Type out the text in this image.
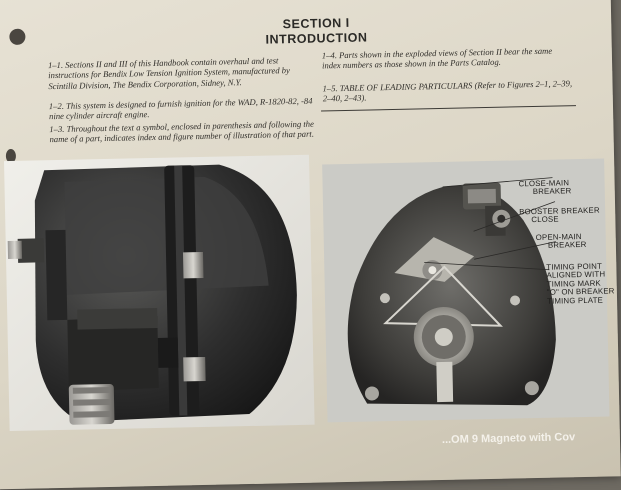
SECTION I
INTRODUCTION
1–1. Sections II and III of this Handbook contain overhaul and test instructions for Bendix Low Tension Ignition System, manufactured by Scintilla Division, The Bendix Corporation, Sidney, N.Y.
1–2. This system is designed to furnish ignition for the WAD, R-1820-82, -84 nine cylinder aircraft engine.
1–3. Throughout the text a symbol, enclosed in parenthesis and following the name of a part, indicates index and figure number of illustration of that part.
1–4. Parts shown in the exploded views of Section II bear the same index numbers as those shown in the Parts Catalog.
1–5. TABLE OF LEADING PARTICULARS (Refer to Figures 2–1, 2–39, 2–40, 2–43).
CLOSE-MAIN
BREAKER
BOOSTER BREAKER
CLOSE
OPEN-MAIN
BREAKER
TIMING POINT
ALIGNED WITH
TIMING MARK
"O" ON BREAKER
TIMING PLATE
...OM 9 Magneto with Cov
